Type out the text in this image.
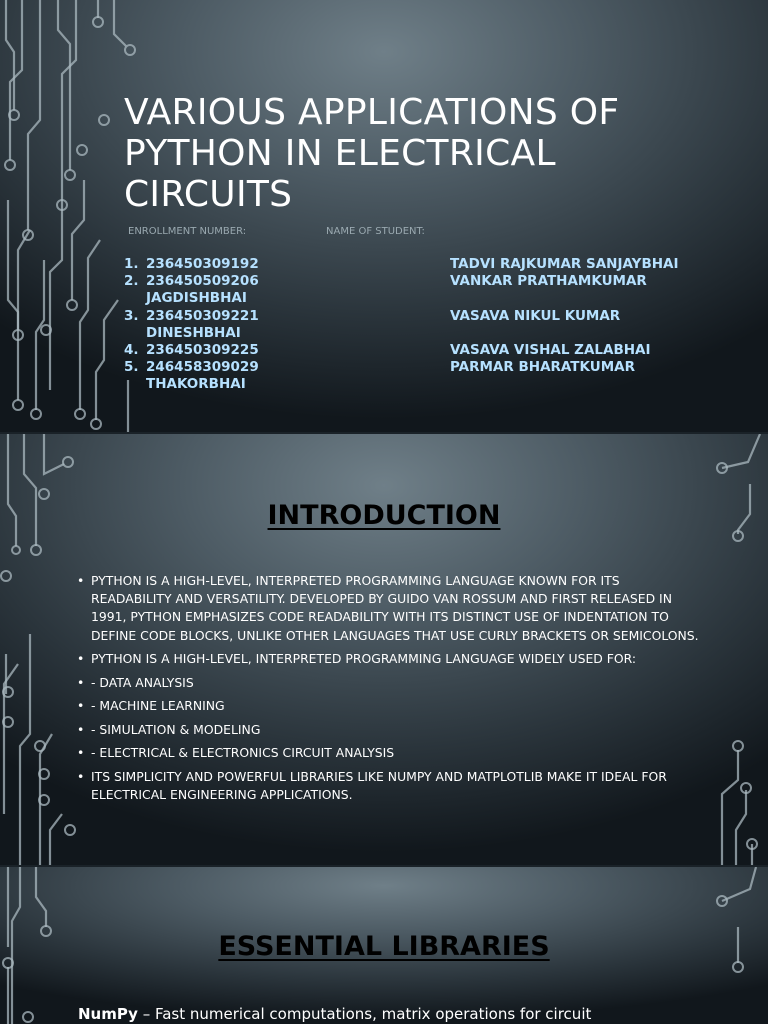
VARIOUS APPLICATIONS OF PYTHON IN ELECTRICAL CIRCUITS

ENROLLMENT NUMBER:	NAME OF STUDENT:

1. 236450309192
2. 236450509206
JAGDISHBHAI
3. 236450309221
DINESHBHAI
4. 236450309225
5. 246458309029
THAKORBHAI
TADVI RAJKUMAR SANJAYBHAI
VANKAR PRATHAMKUMAR

VASAVA NIKUL KUMAR

VASAVA VISHAL ZALABHAI
PARMAR BHARATKUMAR
INTRODUCTION
• PYTHON IS A HIGH-LEVEL, INTERPRETED PROGRAMMING LANGUAGE KNOWN FOR ITS READABILITY AND VERSATILITY. DEVELOPED BY GUIDO VAN ROSSUM AND FIRST RELEASED IN 1991, PYTHON EMPHASIZES CODE READABILITY WITH ITS DISTINCT USE OF INDENTATION TO DEFINE CODE BLOCKS, UNLIKE OTHER LANGUAGES THAT USE CURLY BRACKETS OR SEMICOLONS.
• PYTHON IS A HIGH-LEVEL, INTERPRETED PROGRAMMING LANGUAGE WIDELY USED FOR:
• - DATA ANALYSIS
• - MACHINE LEARNING
• - SIMULATION & MODELING
• - ELECTRICAL & ELECTRONICS CIRCUIT ANALYSIS
• ITS SIMPLICITY AND POWERFUL LIBRARIES LIKE NUMPY AND MATPLOTLIB MAKE IT IDEAL FOR ELECTRICAL ENGINEERING APPLICATIONS.
ESSENTIAL LIBRARIES

NumPy – Fast numerical computations, matrix operations for circuit
